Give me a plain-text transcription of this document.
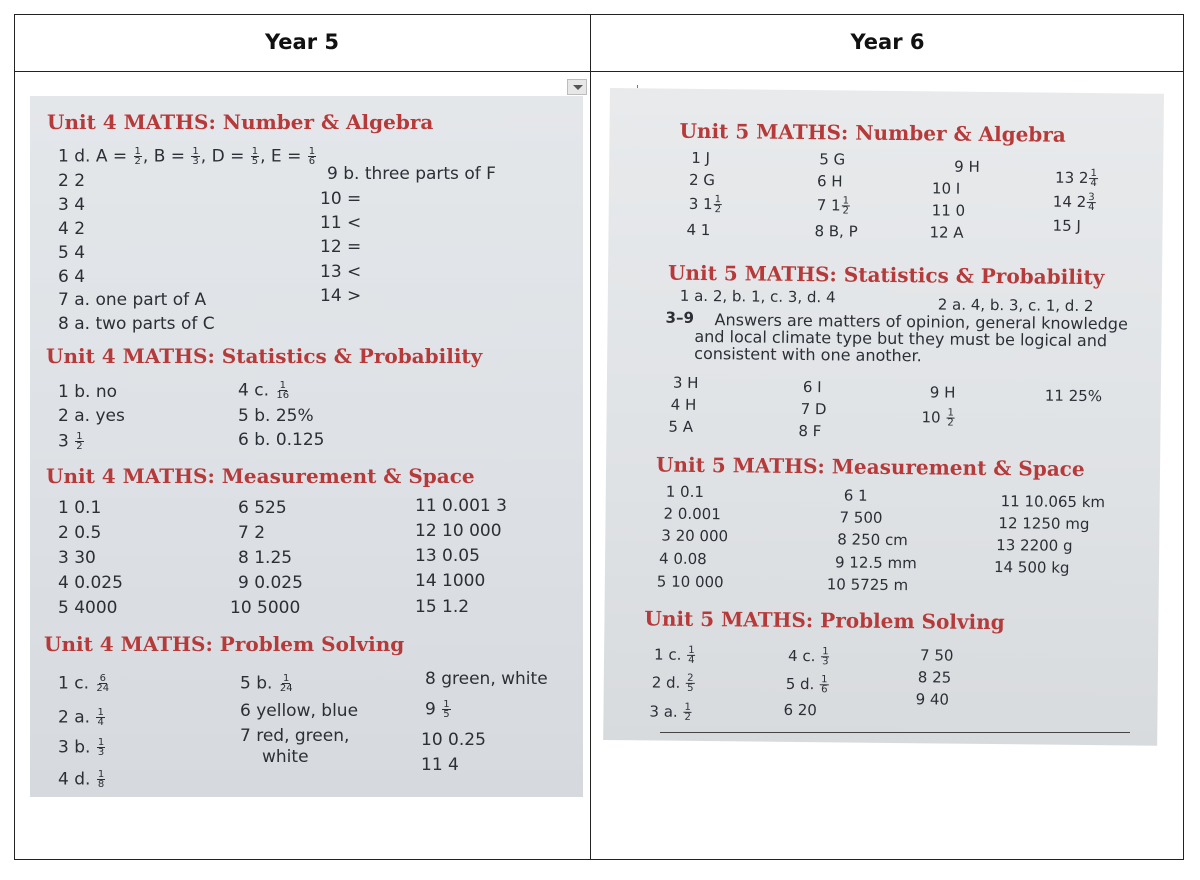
Year 5	Year 6
Unit 4 MATHS: Number & Algebra
1 d. $A = \frac{1}{2}$ , $B = \frac{1}{3}$ , $D = \frac{1}{5}$ , $E = \frac{1}{6}$
2 2
3 4
4 2
5 4
6 4
7 a. one part of A
8 a. two parts of C
9 b. three parts of F
10 =
11 <
12 =
13 <
14 >
Unit 4 MATHS: Statistics & Probability
1 b. no
2 a. yes
$3 \frac{1}{2}$
4 c. $\frac{1}{16}$
5 b. 25%
6 b. 0.125
Unit 4 MATHS: Measurement & Space
1 0.1
2 0.5
3 30
4 0.025
5 4000
6 525
7 2
8 1.25
9 0.025
10 5000
11 0.001 3
12 10 000
13 0.05
14 1000
15 1.2
Unit 4 MATHS: Problem Solving
1 c. $\frac{6}{24}$
2 a. $\frac{1}{4}$
3 b. $\frac{1}{3}$
4 d. $\frac{1}{8}$
5 b. $\frac{1}{24}$
6 yellow, blue
7 red, green,
white
8 green, white
$9 \frac{1}{5}$
10 0.25
11 4
Unit 5 MATHS: Number & Algebra
1 J
2 G
3 $1 \frac{1}{2}$
4 1
5 G
6 H
7 $1 \frac{1}{2}$
8 B, P
9 H
10 I
11 0
12 A
13 $2 \frac{1}{4}$
14 $2 \frac{3}{4}$
15 J
Unit 5 MATHS: Statistics & Probability
1 a. 2, b. 1, c. 3, d. 4	2 a. 4, b. 3, c. 1, d. 2
3–9	Answers are matters of opinion, general knowledge and local climate type but they must be logical and consistent with one another.
3 H
4 H
5 A
6 I
7 D
8 F
9 H
$10 \frac{1}{2}$
11 25%
Unit 5 MATHS: Measurement & Space
1 0.1
2 0.001
3 20 000
4 0.08
5 10 000
6 1
7 500
8 250 cm
9 12.5 mm
10 5725 m
11 10.065 km
12 1250 mg
13 2200 g
14 500 kg
Unit 5 MATHS: Problem Solving
1 c. $\frac{1}{4}$
2 d. $\frac{2}{5}$
3 a. $\frac{1}{2}$
4 c. $\frac{1}{3}$
5 d. $\frac{1}{6}$
6 20
7 50
8 25
9 40
